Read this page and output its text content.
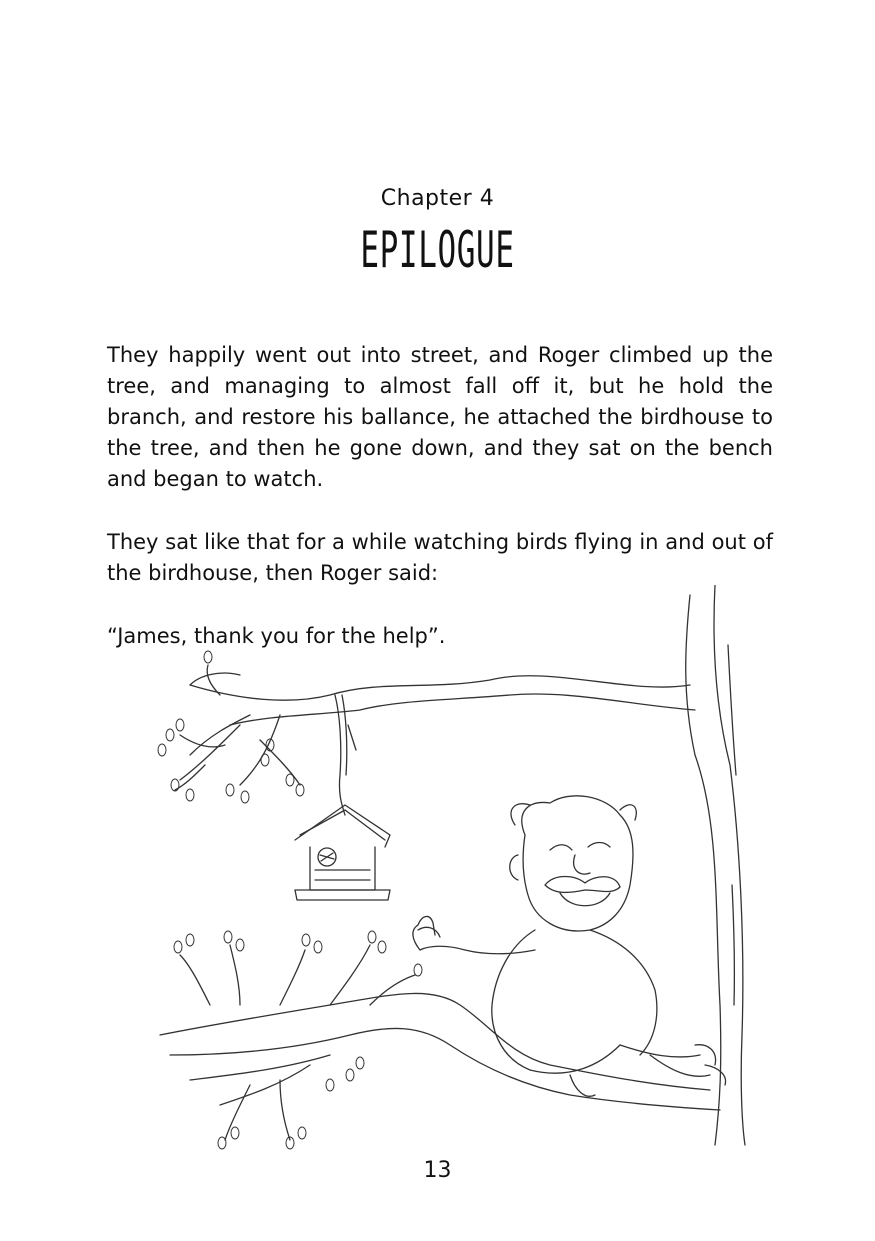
Chapter 4
EPILOGUE

They happily went out into street, and Roger climbed up the tree, and managing to almost fall off it, but he hold the branch, and restore his ballance, he attached the birdhouse to the tree, and then he gone down, and they sat on the bench and began to watch.

They sat like that for a while watching birds flying in and out of the birdhouse, then Roger said:

“James, thank you for the help”.

13
